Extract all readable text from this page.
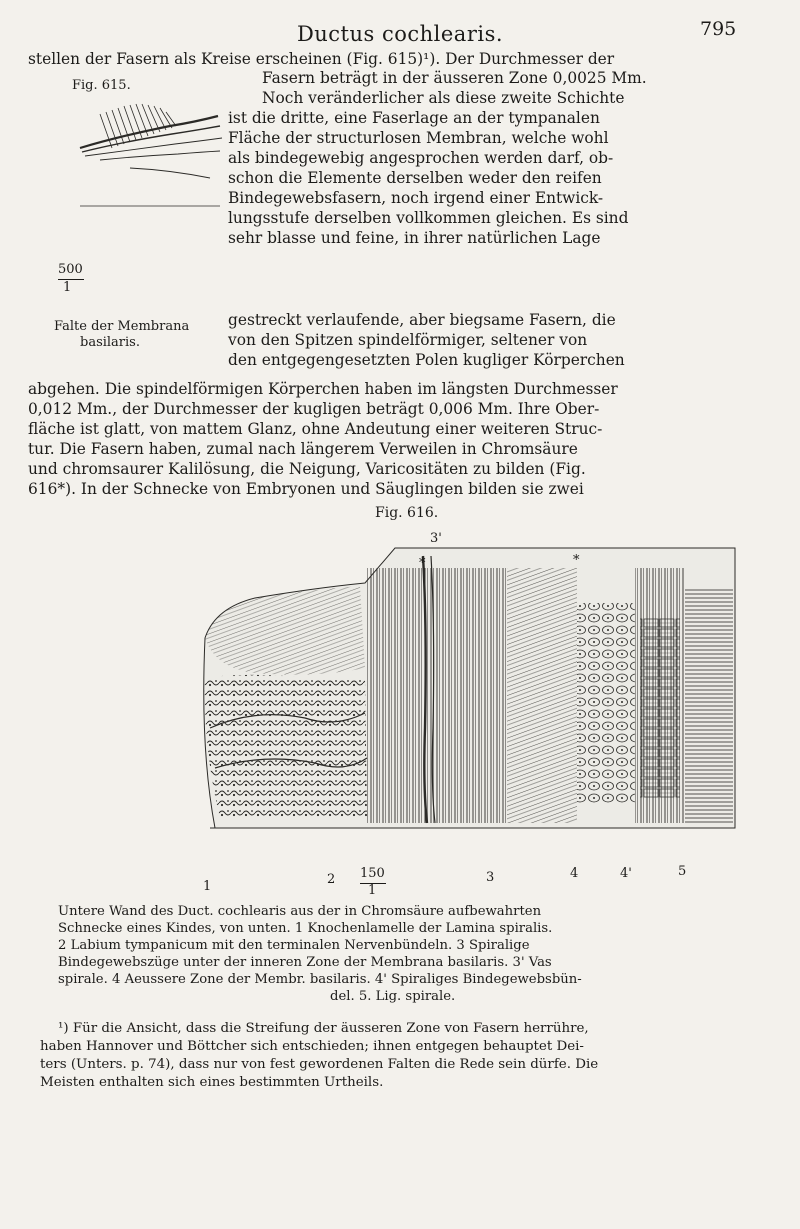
Ductus cochlearis.	795
Fig. 615.
500
1
Falte der Membrana
basilaris.
stellen der Fasern als Kreise erscheinen (Fig. 615)¹). Der Durchmesser der
Fasern beträgt in der äusseren Zone 0,0025 Mm.
Noch veränderlicher als diese zweite Schichte
ist die dritte, eine Faserlage an der tympanalen
Fläche der structurlosen Membran, welche wohl
als bindegewebig angesprochen werden darf, ob-
schon die Elemente derselben weder den reifen
Bindegewebsfasern, noch irgend einer Entwick-
lungsstufe derselben vollkommen gleichen. Es sind
sehr blasse und feine, in ihrer natürlichen Lage
gestreckt verlaufende, aber biegsame Fasern, die
von den Spitzen spindelförmiger, seltener von
den entgegengesetzten Polen kugliger Körperchen
abgehen. Die spindelförmigen Körperchen haben im längsten Durchmesser
0,012 Mm., der Durchmesser der kugligen beträgt 0,006 Mm. Ihre Ober-
fläche ist glatt, von mattem Glanz, ohne Andeutung einer weiteren Struc-
tur. Die Fasern haben, zumal nach längerem Verweilen in Chromsäure
und chromsaurer Kalilösung, die Neigung, Varicositäten zu bilden (Fig.
616*). In der Schnecke von Embryonen und Säuglingen bilden sie zwei
Fig. 616.
3'
*	*
1	2 150
1
3	4	4'	5
Untere Wand des Duct. cochlearis aus der in Chromsäure aufbewahrten
Schnecke eines Kindes, von unten. 1 Knochenlamelle der Lamina spiralis.
2 Labium tympanicum mit den terminalen Nervenbündeln. 3 Spiralige
Bindegewebszüge unter der inneren Zone der Membrana basilaris. 3' Vas
spirale. 4 Aeussere Zone der Membr. basilaris. 4' Spiraliges Bindegewebsbün-
del. 5. Lig. spirale.
¹) Für die Ansicht, dass die Streifung der äusseren Zone von Fasern herrühre,
haben Hannover und Böttcher sich entschieden; ihnen entgegen behauptet Dei-
ters (Unters. p. 74), dass nur von fest gewordenen Falten die Rede sein dürfe. Die
Meisten enthalten sich eines bestimmten Urtheils.
